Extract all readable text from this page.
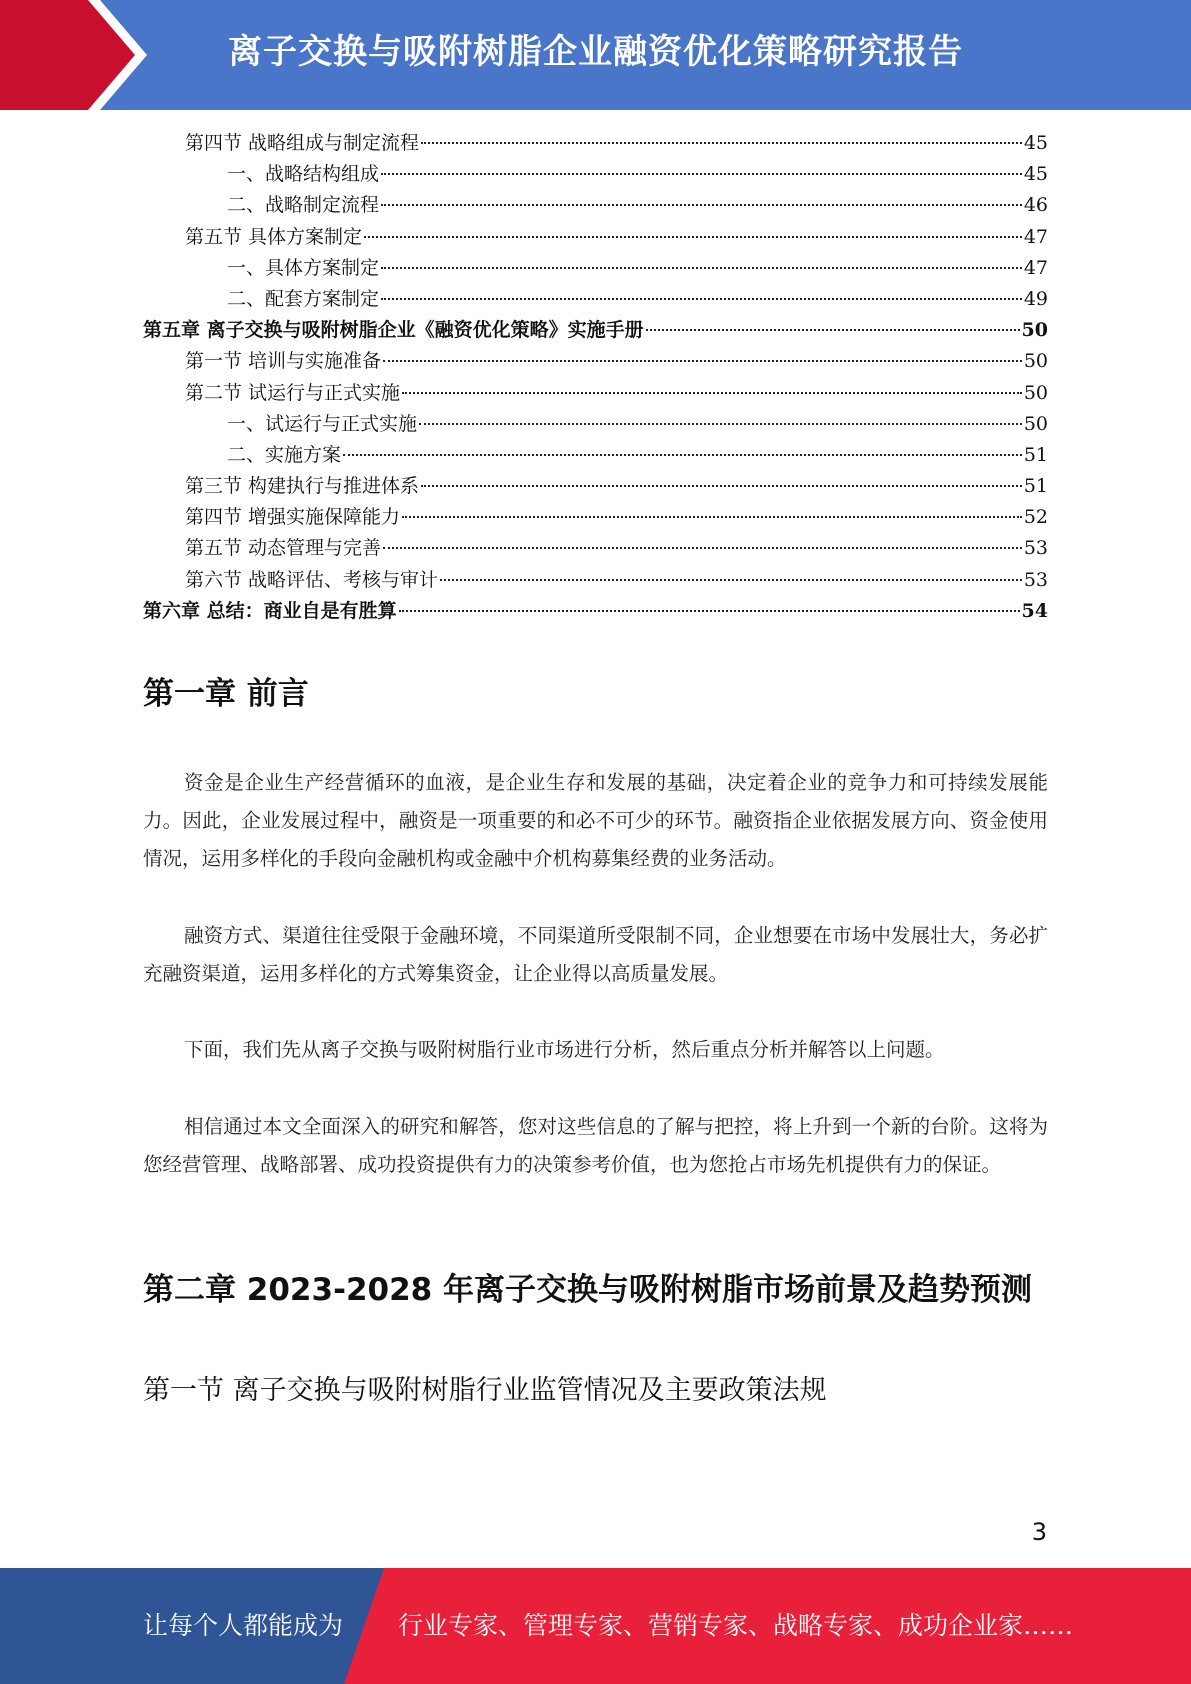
离子交换与吸附树脂企业融资优化策略研究报告
第四节 战略组成与制定流程	45
一、战略结构组成	45
二、战略制定流程	46
第五节 具体方案制定	47
一、具体方案制定	47
二、配套方案制定	49
第五章 离子交换与吸附树脂企业《融资优化策略》实施手册	50
第一节 培训与实施准备	50
第二节 试运行与正式实施	50
一、试运行与正式实施	50
二、实施方案	51
第三节 构建执行与推进体系	51
第四节 增强实施保障能力	52
第五节 动态管理与完善	53
第六节 战略评估、考核与审计	53
第六章 总结：商业自是有胜算	54
第一章 前言

资金是企业生产经营循环的血液，是企业生存和发展的基础，决定着企业的竞争力和可持续发展能力。因此，企业发展过程中，融资是一项重要的和必不可少的环节。融资指企业依据发展方向、资金使用情况，运用多样化的手段向金融机构或金融中介机构募集经费的业务活动。

融资方式、渠道往往受限于金融环境，不同渠道所受限制不同，企业想要在市场中发展壮大，务必扩充融资渠道，运用多样化的方式筹集资金，让企业得以高质量发展。

下面，我们先从离子交换与吸附树脂行业市场进行分析，然后重点分析并解答以上问题。

相信通过本文全面深入的研究和解答，您对这些信息的了解与把控，将上升到一个新的台阶。这将为您经营管理、战略部署、成功投资提供有力的决策参考价值，也为您抢占市场先机提供有力的保证。

第二章 2023-2028 年离子交换与吸附树脂市场前景及趋势预测
第一节 离子交换与吸附树脂行业监管情况及主要政策法规
3
让每个人都能成为 行业专家、管理专家、营销专家、战略专家、成功企业家……
